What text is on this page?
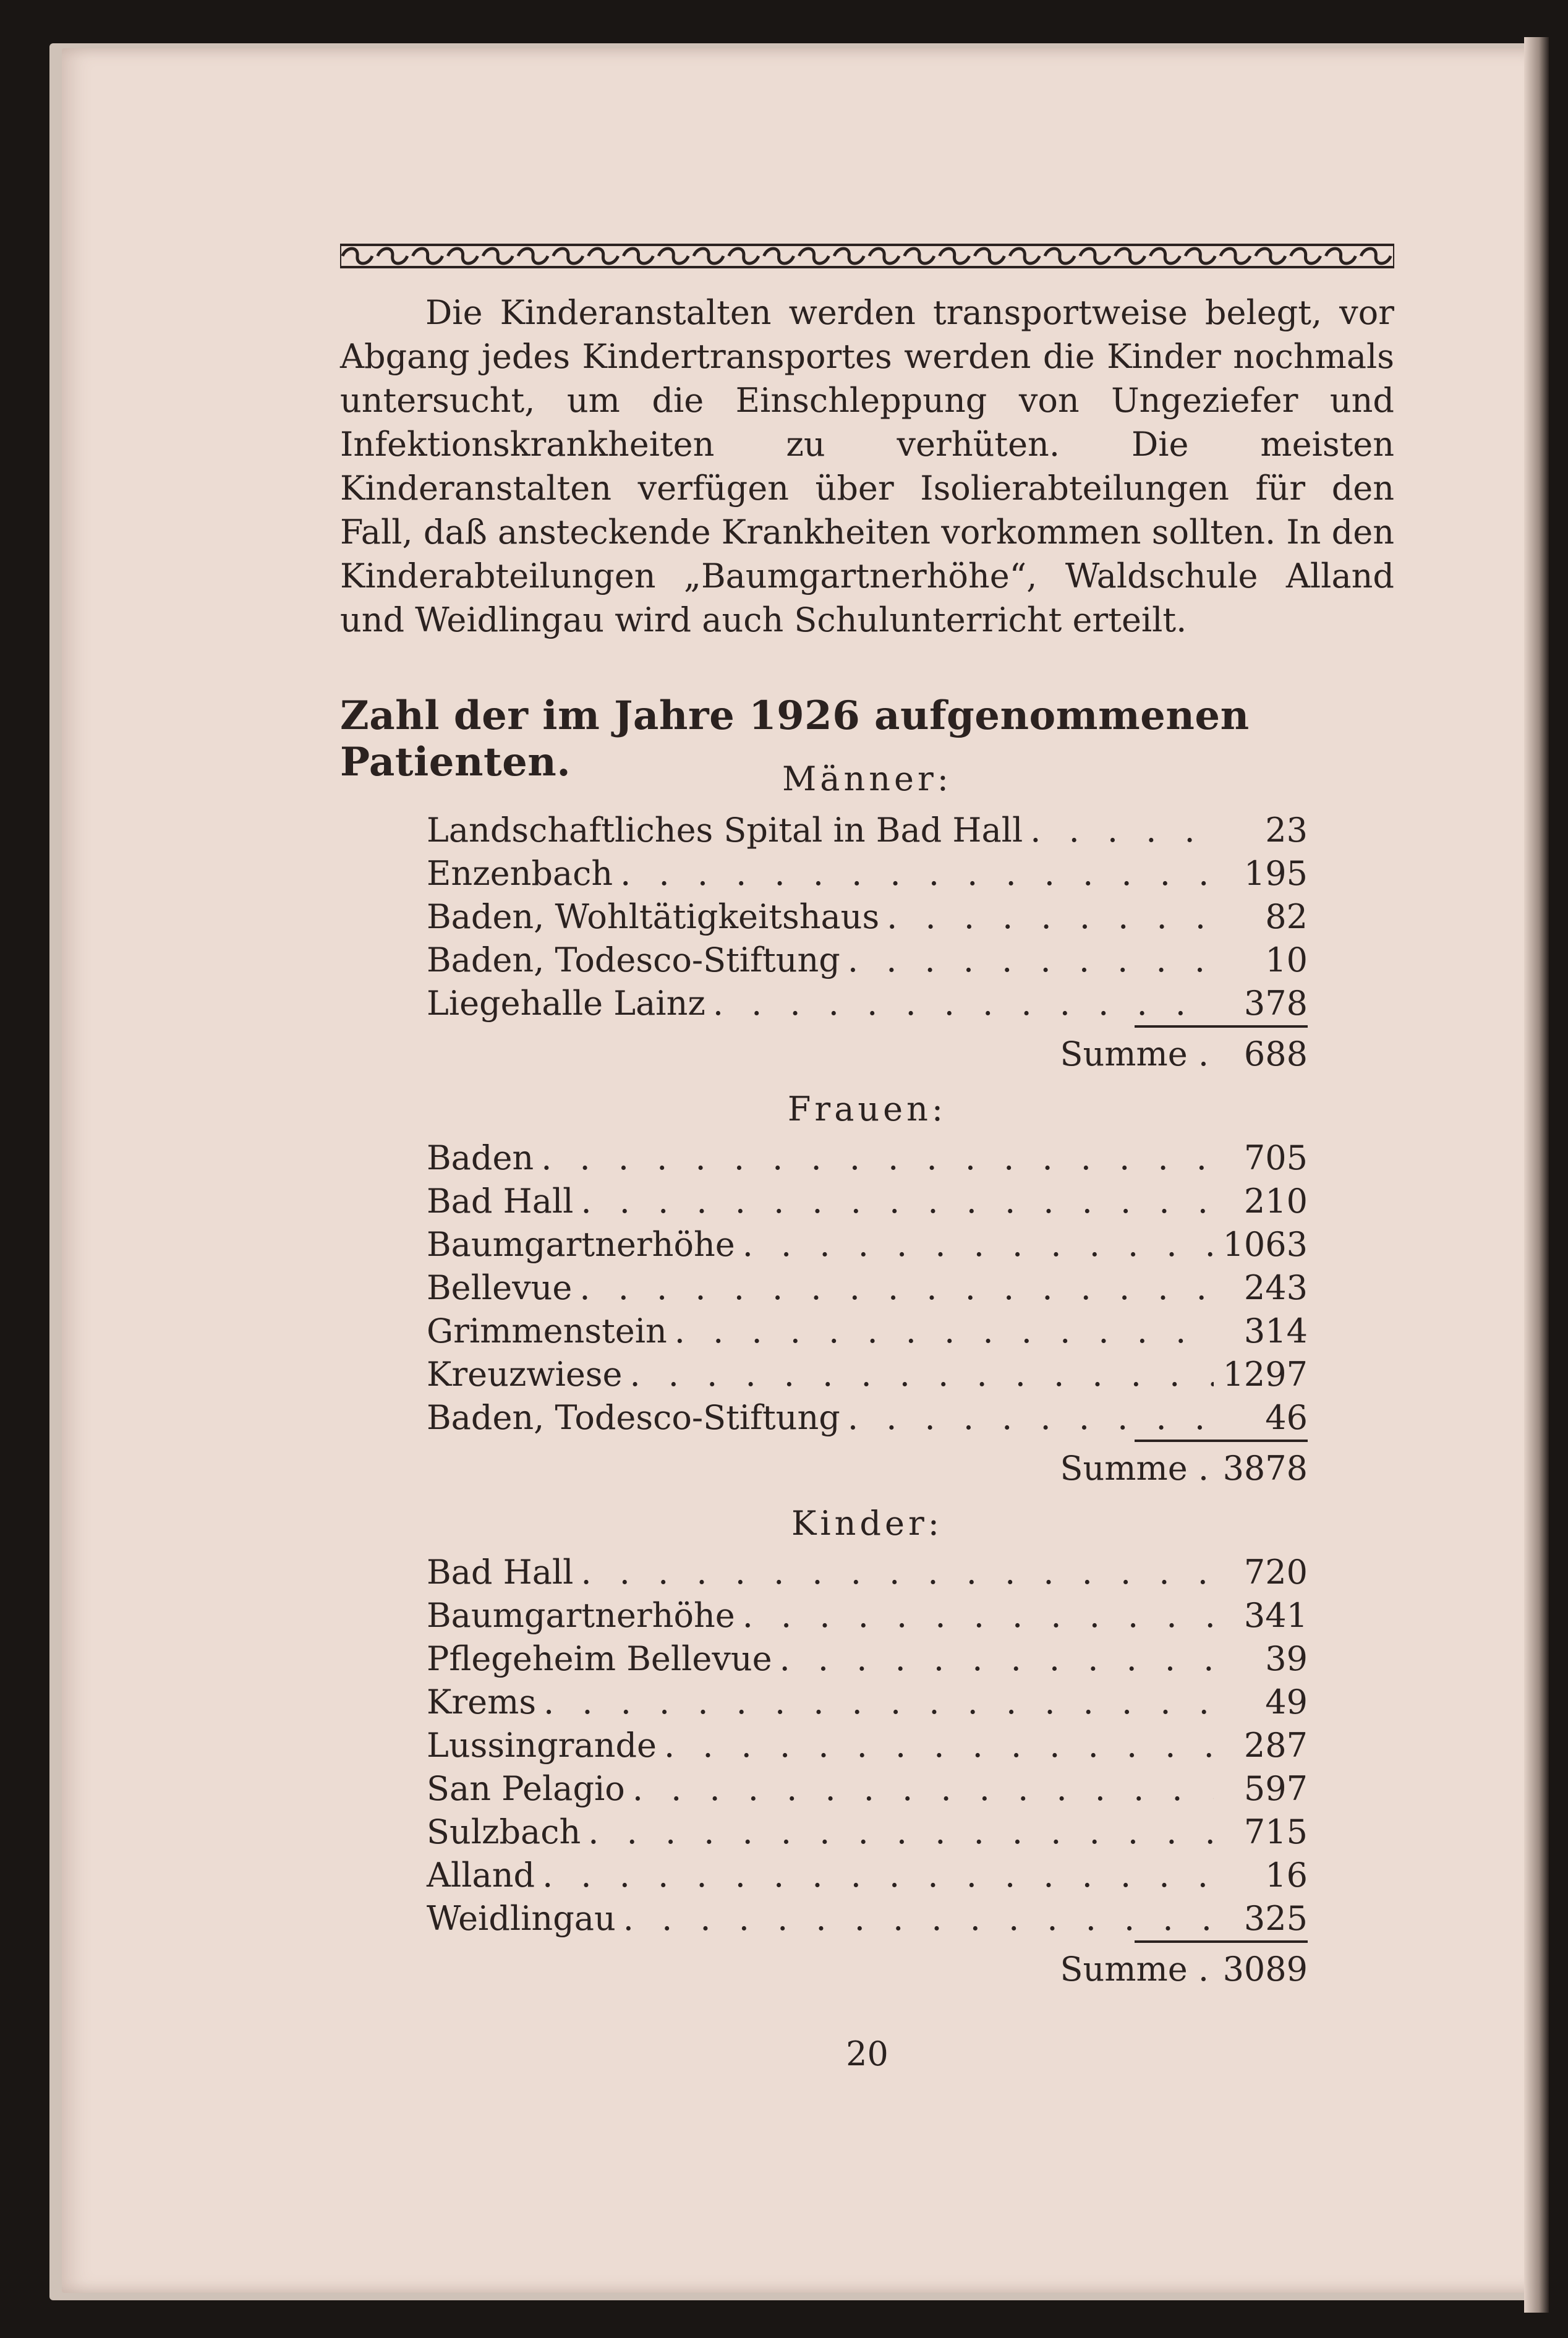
Die Kinderanstalten werden transportweise belegt, vor Abgang jedes Kindertransportes werden die Kinder nochmals untersucht, um die Einschleppung von Ungeziefer und Infektionskrankheiten zu verhüten. Die meisten Kinderanstalten verfügen über Isolierabteilungen für den Fall, daß ansteckende Krankheiten vorkommen sollten. In den Kinderabteilungen „Baumgartnerhöhe“, Waldschule Alland und Weidlingau wird auch Schulunterricht erteilt.

Zahl der im Jahre 1926 aufgenommenen Patienten.	Männer:
Landschaftliches Spital in Bad Hall . . .	23
Enzenbach . . .	195
Baden, Wohltätigkeitshaus . . .	82
Baden, Todesco-Stiftung . . .	10
Liegehalle Lainz . . .	378
Summe .	688
Frauen:
Baden . . .	705
Bad Hall . . .	210
Baumgartnerhöhe . . .	1063
Bellevue . . .	243
Grimmenstein . . .	314
Kreuzwiese . . .	1297
Baden, Todesco-Stiftung . . .	46
Summe . 3878
Kinder:
Bad Hall . . .	720
Baumgartnerhöhe . . .	341
Pflegeheim Bellevue . . .	39
Krems . . .	49
Lussingrande . . .	287
San Pelagio . . .	597
Sulzbach . . .	715
Alland . . .	16
Weidlingau . . .	325
Summe . 3089
20
